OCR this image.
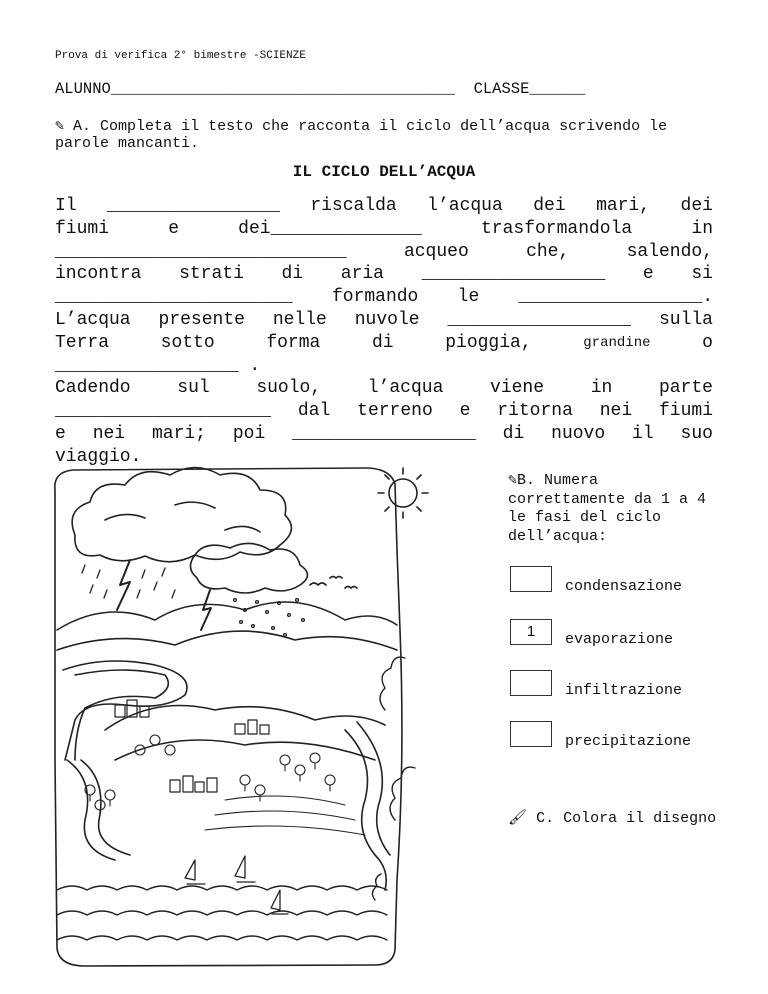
Prova di verifica 2° bimestre -SCIENZE
ALUNNO_____________________________________ CLASSE______
✎ A. Completa il testo che racconta il ciclo dell’acqua scrivendo le parole mancanti.
IL CICLO DELL’ACQUA
Il ________________ riscalda l’acqua dei mari, dei
fiumi	e	dei______________	trasformandola	in
___________________________	acqueo	che,	salendo,
incontra strati di aria _________________ e si
______________________ formando le _________________.
L’acqua presente nelle nuvole _________________ sulla
Terra	sotto	forma	di	pioggia,	grandine	o
_________________ .
Cadendo	sul	suolo,	l’acqua	viene	in	parte
____________________ dal terreno e ritorna nei fiumi
e nei mari; poi _________________ di nuovo il suo
viaggio.
✎B. Numera correttamente da 1 a 4 le fasi del ciclo dell’acqua:
condensazione
1	evaporazione
infiltrazione
precipitazione
🖌 C. Colora il disegno
